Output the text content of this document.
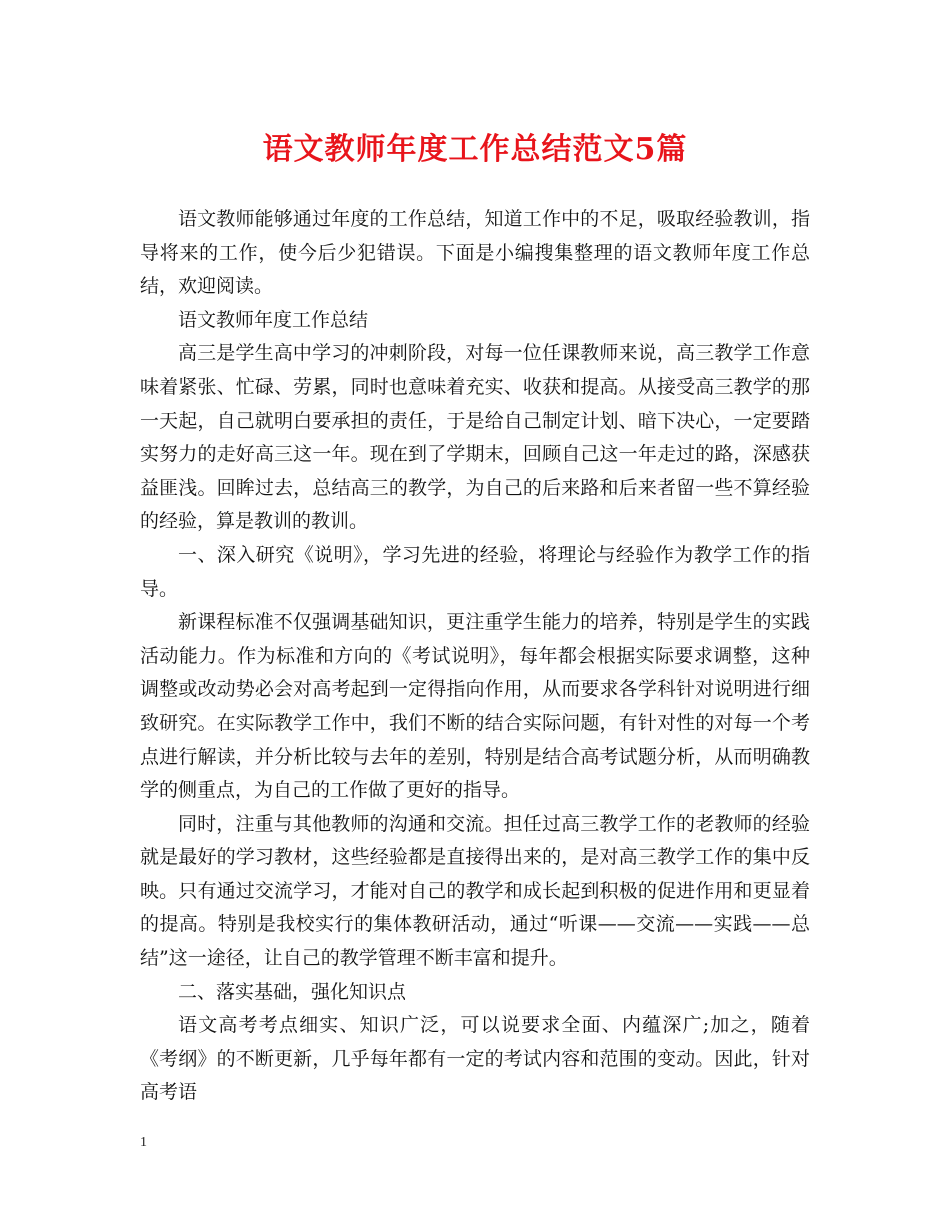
语文教师年度工作总结范文5篇

语文教师能够通过年度的工作总结，知道工作中的不足，吸取经验教训，指导将来的工作，使今后少犯错误。下面是小编搜集整理的语文教师年度工作总结，欢迎阅读。

语文教师年度工作总结

高三是学生高中学习的冲刺阶段，对每一位任课教师来说，高三教学工作意味着紧张、忙碌、劳累，同时也意味着充实、收获和提高。从接受高三教学的那一天起，自己就明白要承担的责任，于是给自己制定计划、暗下决心，一定要踏实努力的走好高三这一年。现在到了学期末，回顾自己这一年走过的路，深感获益匪浅。回眸过去，总结高三的教学，为自己的后来路和后来者留一些不算经验的经验，算是教训的教训。

一、深入研究《说明》，学习先进的经验，将理论与经验作为教学工作的指导。

新课程标准不仅强调基础知识，更注重学生能力的培养，特别是学生的实践活动能力。作为标准和方向的《考试说明》，每年都会根据实际要求调整，这种调整或改动势必会对高考起到一定得指向作用，从而要求各学科针对说明进行细致研究。在实际教学工作中，我们不断的结合实际问题，有针对性的对每一个考点进行解读，并分析比较与去年的差别，特别是结合高考试题分析，从而明确教学的侧重点，为自己的工作做了更好的指导。

同时，注重与其他教师的沟通和交流。担任过高三教学工作的老教师的经验就是最好的学习教材，这些经验都是直接得出来的，是对高三教学工作的集中反映。只有通过交流学习，才能对自己的教学和成长起到积极的促进作用和更显着的提高。特别是我校实行的集体教研活动，通过“听课——交流——实践——总结”这一途径，让自己的教学管理不断丰富和提升。

二、落实基础，强化知识点

语文高考考点细实、知识广泛，可以说要求全面、内蕴深广;加之，随着《考纲》的不断更新，几乎每年都有一定的考试内容和范围的变动。因此，针对高考语

1
